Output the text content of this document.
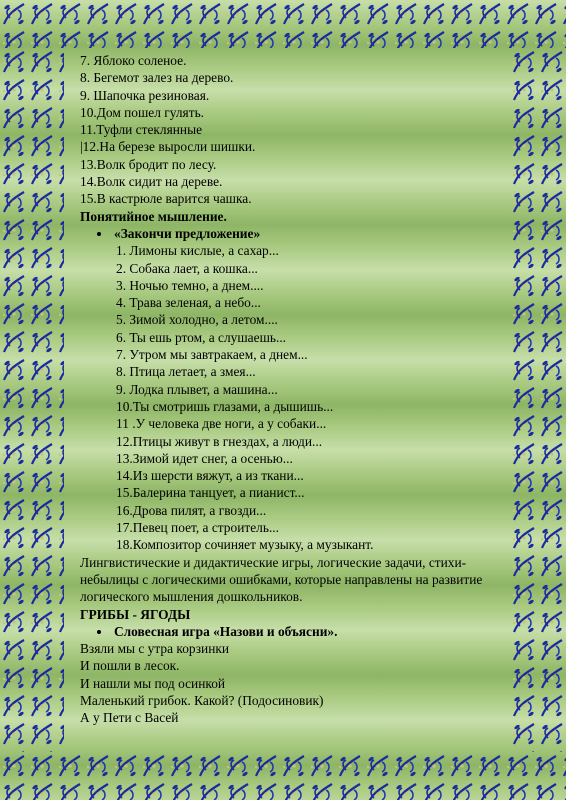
7. Яблоко соленое.

8. Бегемот залез на дерево.

9. Шапочка резиновая.

10.Дом пошел гулять.

11.Туфли стеклянные

|12.На березе выросли шишки.

13.Волк бродит по лесу.

14.Волк сидит на дереве.

15.В кастрюле варится чашка.

Понятийное мышление.

«Закончи предложение»

1. Лимоны кислые, а сахар...

2. Собака лает, а кошка...

3. Ночью темно, а днем....

4. Трава зеленая, а небо...

5. Зимой холодно, а летом....

6. Ты ешь ртом, а слушаешь...

7. Утром мы завтракаем, а днем...

8. Птица летает, а змея...

9. Лодка плывет, а машина...

10.Ты смотришь глазами, а дышишь...

11 .У человека две ноги, а у собаки...

12.Птицы живут в гнездах, а люди...

13.Зимой идет снег, а осенью...

14.Из шерсти вяжут, а из ткани...

15.Балерина танцует, а пианист...

16.Дрова пилят, а гвозди...

17.Певец поет, а строитель...

18.Композитор сочиняет музыку, а музыкант.

Лингвистические и дидактические игры, логические задачи, стихи-небылицы с логическими ошибками, которые направлены на развитие логического мышления дошкольников.

ГРИБЫ - ЯГОДЫ

Словесная игра «Назови и объясни».

Взяли мы с утра корзинки

И пошли в лесок.

И нашли мы под осинкой

Маленький грибок. Какой? (Подосиновик)

А у Пети с Васей
